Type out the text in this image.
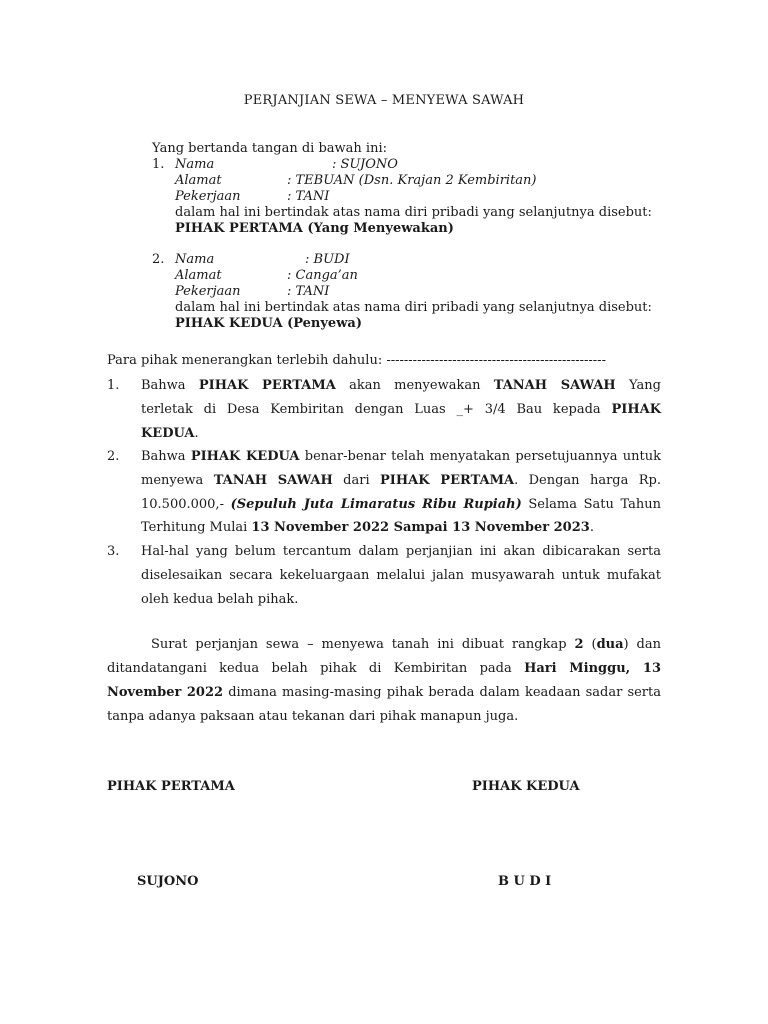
PERJANJIAN SEWA – MENYEWA SAWAH
Yang bertanda tangan di bawah ini:
1. Nama	: SUJONO
Alamat	: TEBUAN (Dsn. Krajan 2 Kembiritan)
Pekerjaan	: TANI
dalam hal ini bertindak atas nama diri pribadi yang selanjutnya disebut:
PIHAK PERTAMA (Yang Menyewakan)
2. Nama	: BUDI
Alamat	: Canga’an
Pekerjaan	: TANI
dalam hal ini bertindak atas nama diri pribadi yang selanjutnya disebut:
PIHAK KEDUA (Penyewa)
Para pihak menerangkan terlebih dahulu: --------------------------------------------------
1. Bahwa PIHAK PERTAMA akan menyewakan TANAH SAWAH Yang
terletak di Desa Kembiritan dengan Luas _+ 3/4 Bau kepada PIHAK
KEDUA.
2. Bahwa PIHAK KEDUA benar-benar telah menyatakan persetujuannya untuk
menyewa TANAH SAWAH dari PIHAK PERTAMA. Dengan harga Rp.
10.500.000,- (Sepuluh Juta Limaratus Ribu Rupiah) Selama Satu Tahun
Terhitung Mulai 13 November 2022 Sampai 13 November 2023.
3. Hal-hal yang belum tercantum dalam perjanjian ini akan dibicarakan serta
diselesaikan secara kekeluargaan melalui jalan musyawarah untuk mufakat
oleh kedua belah pihak.
Surat perjanjan sewa – menyewa tanah ini dibuat rangkap 2 (dua) dan
ditandatangani kedua belah pihak di Kembiritan pada Hari Minggu, 13
November 2022 dimana masing-masing pihak berada dalam keadaan sadar serta
tanpa adanya paksaan atau tekanan dari pihak manapun juga.
PIHAK PERTAMA	PIHAK KEDUA
SUJONO	B U D I
